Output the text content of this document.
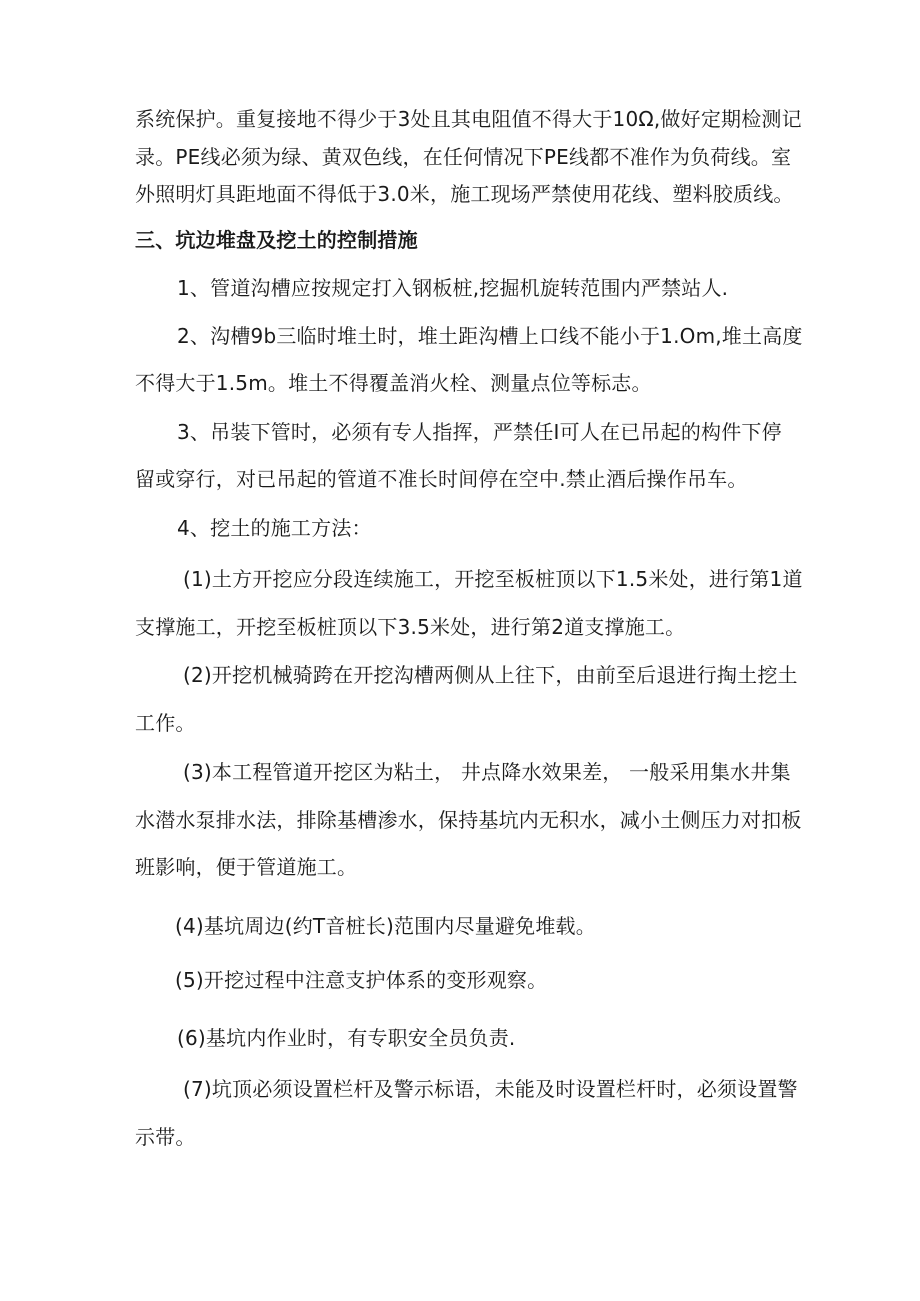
系统保护。重复接地不得少于3处且其电阻值不得大于10Ω,做好定期检测记

录。PE线必须为绿、黄双色线，在任何情况下PE线都不准作为负荷线。室

外照明灯具距地面不得低于3.0米，施工现场严禁使用花线、塑料胶质线。

三、坑边堆盘及挖土的控制措施

1、管道沟槽应按规定打入钢板桩,挖掘机旋转范围内严禁站人.

2、沟槽9b三临时堆土时，堆土距沟槽上口线不能小于1.Om,堆土高度

不得大于1.5m。堆土不得覆盖消火栓、测量点位等标志。

3、吊装下管时，必须有专人指挥，严禁任I可人在已吊起的构件下停

留或穿行，对已吊起的管道不准长时间停在空中.禁止酒后操作吊车。

4、挖土的施工方法：

(1)土方开挖应分段连续施工，开挖至板桩顶以下1.5米处，进行第1道

支撑施工，开挖至板桩顶以下3.5米处，进行第2道支撑施工。

(2)开挖机械骑跨在开挖沟槽两侧从上往下，由前至后退进行掏土挖土

工作。

(3)本工程管道开挖区为粘土， 井点降水效果差， 一般采用集水井集

水潜水泵排水法，排除基槽渗水，保持基坑内无积水，减小土侧压力对扣板

班影响，便于管道施工。

(4)基坑周边(约T音桩长)范围内尽量避免堆载。

(5)开挖过程中注意支护体系的变形观察。

(6)基坑内作业时，有专职安全员负责.

(7)坑顶必须设置栏杆及警示标语，未能及时设置栏杆时，必须设置警

示带。
